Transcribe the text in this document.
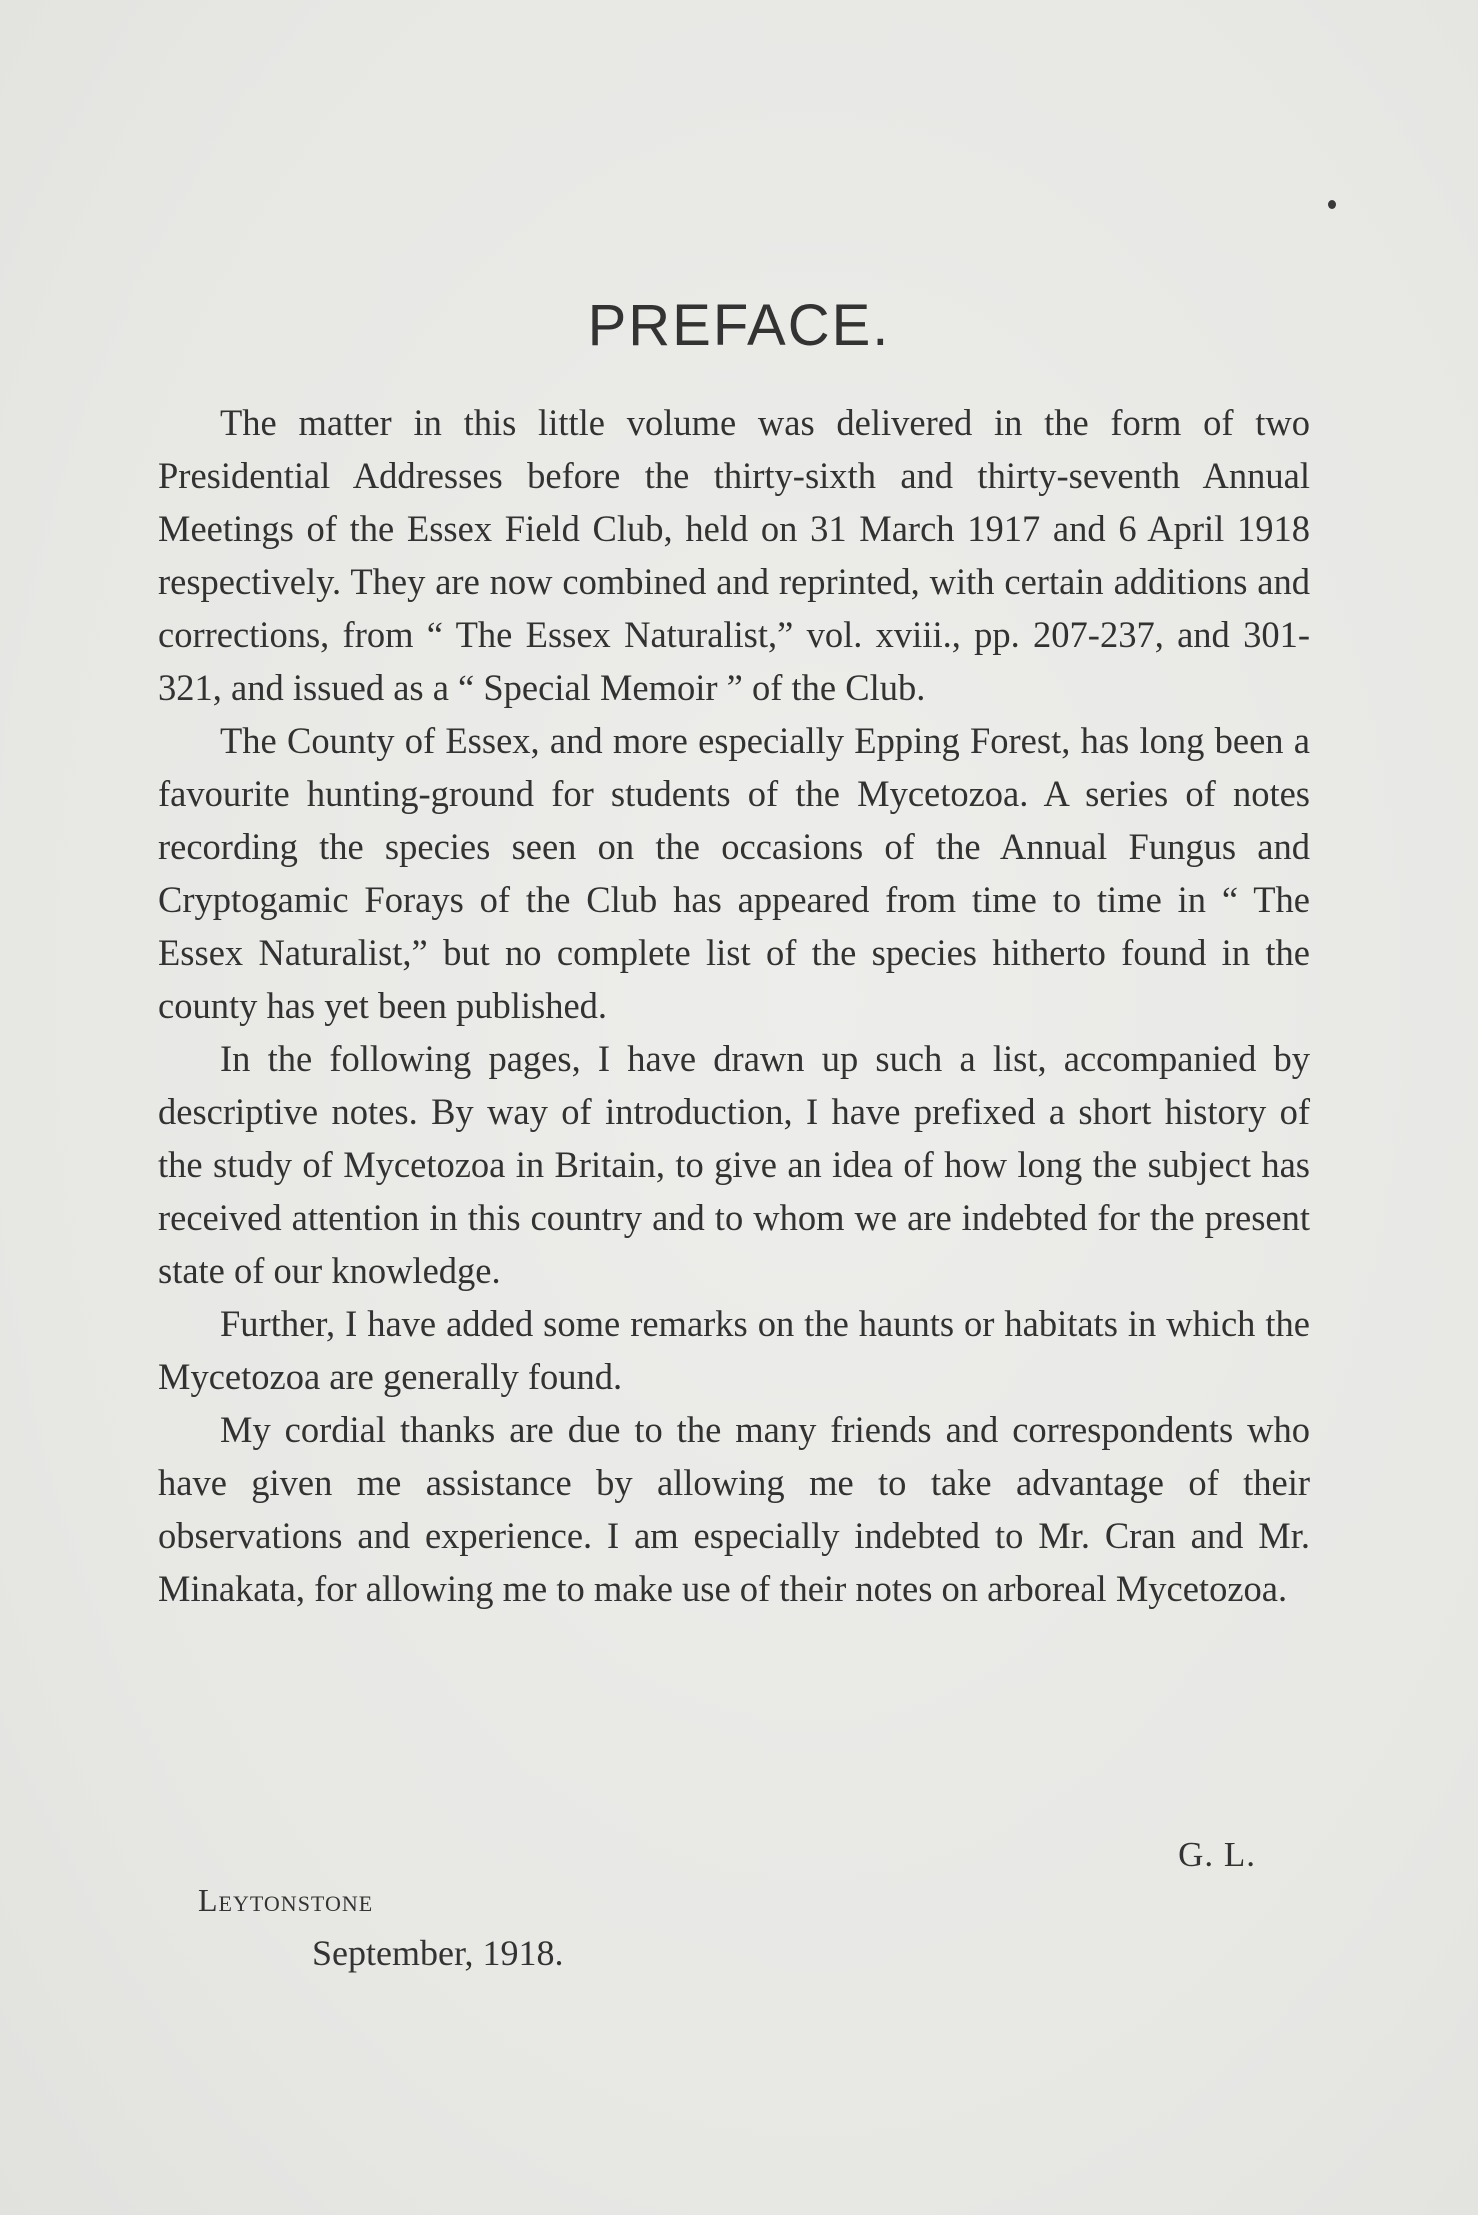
PREFACE.

The matter in this little volume was delivered in the form of two Presidential Addresses before the thirty-sixth and thirty-seventh Annual Meetings of the Essex Field Club, held on 31 March 1917 and 6 April 1918 respectively. They are now combined and reprinted, with certain additions and corrections, from “ The Essex Naturalist,” vol. xviii., pp. 207-237, and 301-321, and issued as a “ Special Memoir ” of the Club.

The County of Essex, and more especially Epping Forest, has long been a favourite hunting-ground for students of the Mycetozoa. A series of notes recording the species seen on the occasions of the Annual Fungus and Cryptogamic Forays of the Club has appeared from time to time in “ The Essex Naturalist,” but no complete list of the species hitherto found in the county has yet been published.

In the following pages, I have drawn up such a list, accompanied by descriptive notes. By way of introduction, I have prefixed a short history of the study of Mycetozoa in Britain, to give an idea of how long the subject has received attention in this country and to whom we are indebted for the present state of our knowledge.

Further, I have added some remarks on the haunts or habitats in which the Mycetozoa are generally found.

My cordial thanks are due to the many friends and correspondents who have given me assistance by allowing me to take advantage of their observations and experience. I am especially indebted to Mr. Cran and Mr. Minakata, for allowing me to make use of their notes on arboreal Mycetozoa.

G. L.
Leytonstone
September, 1918.
